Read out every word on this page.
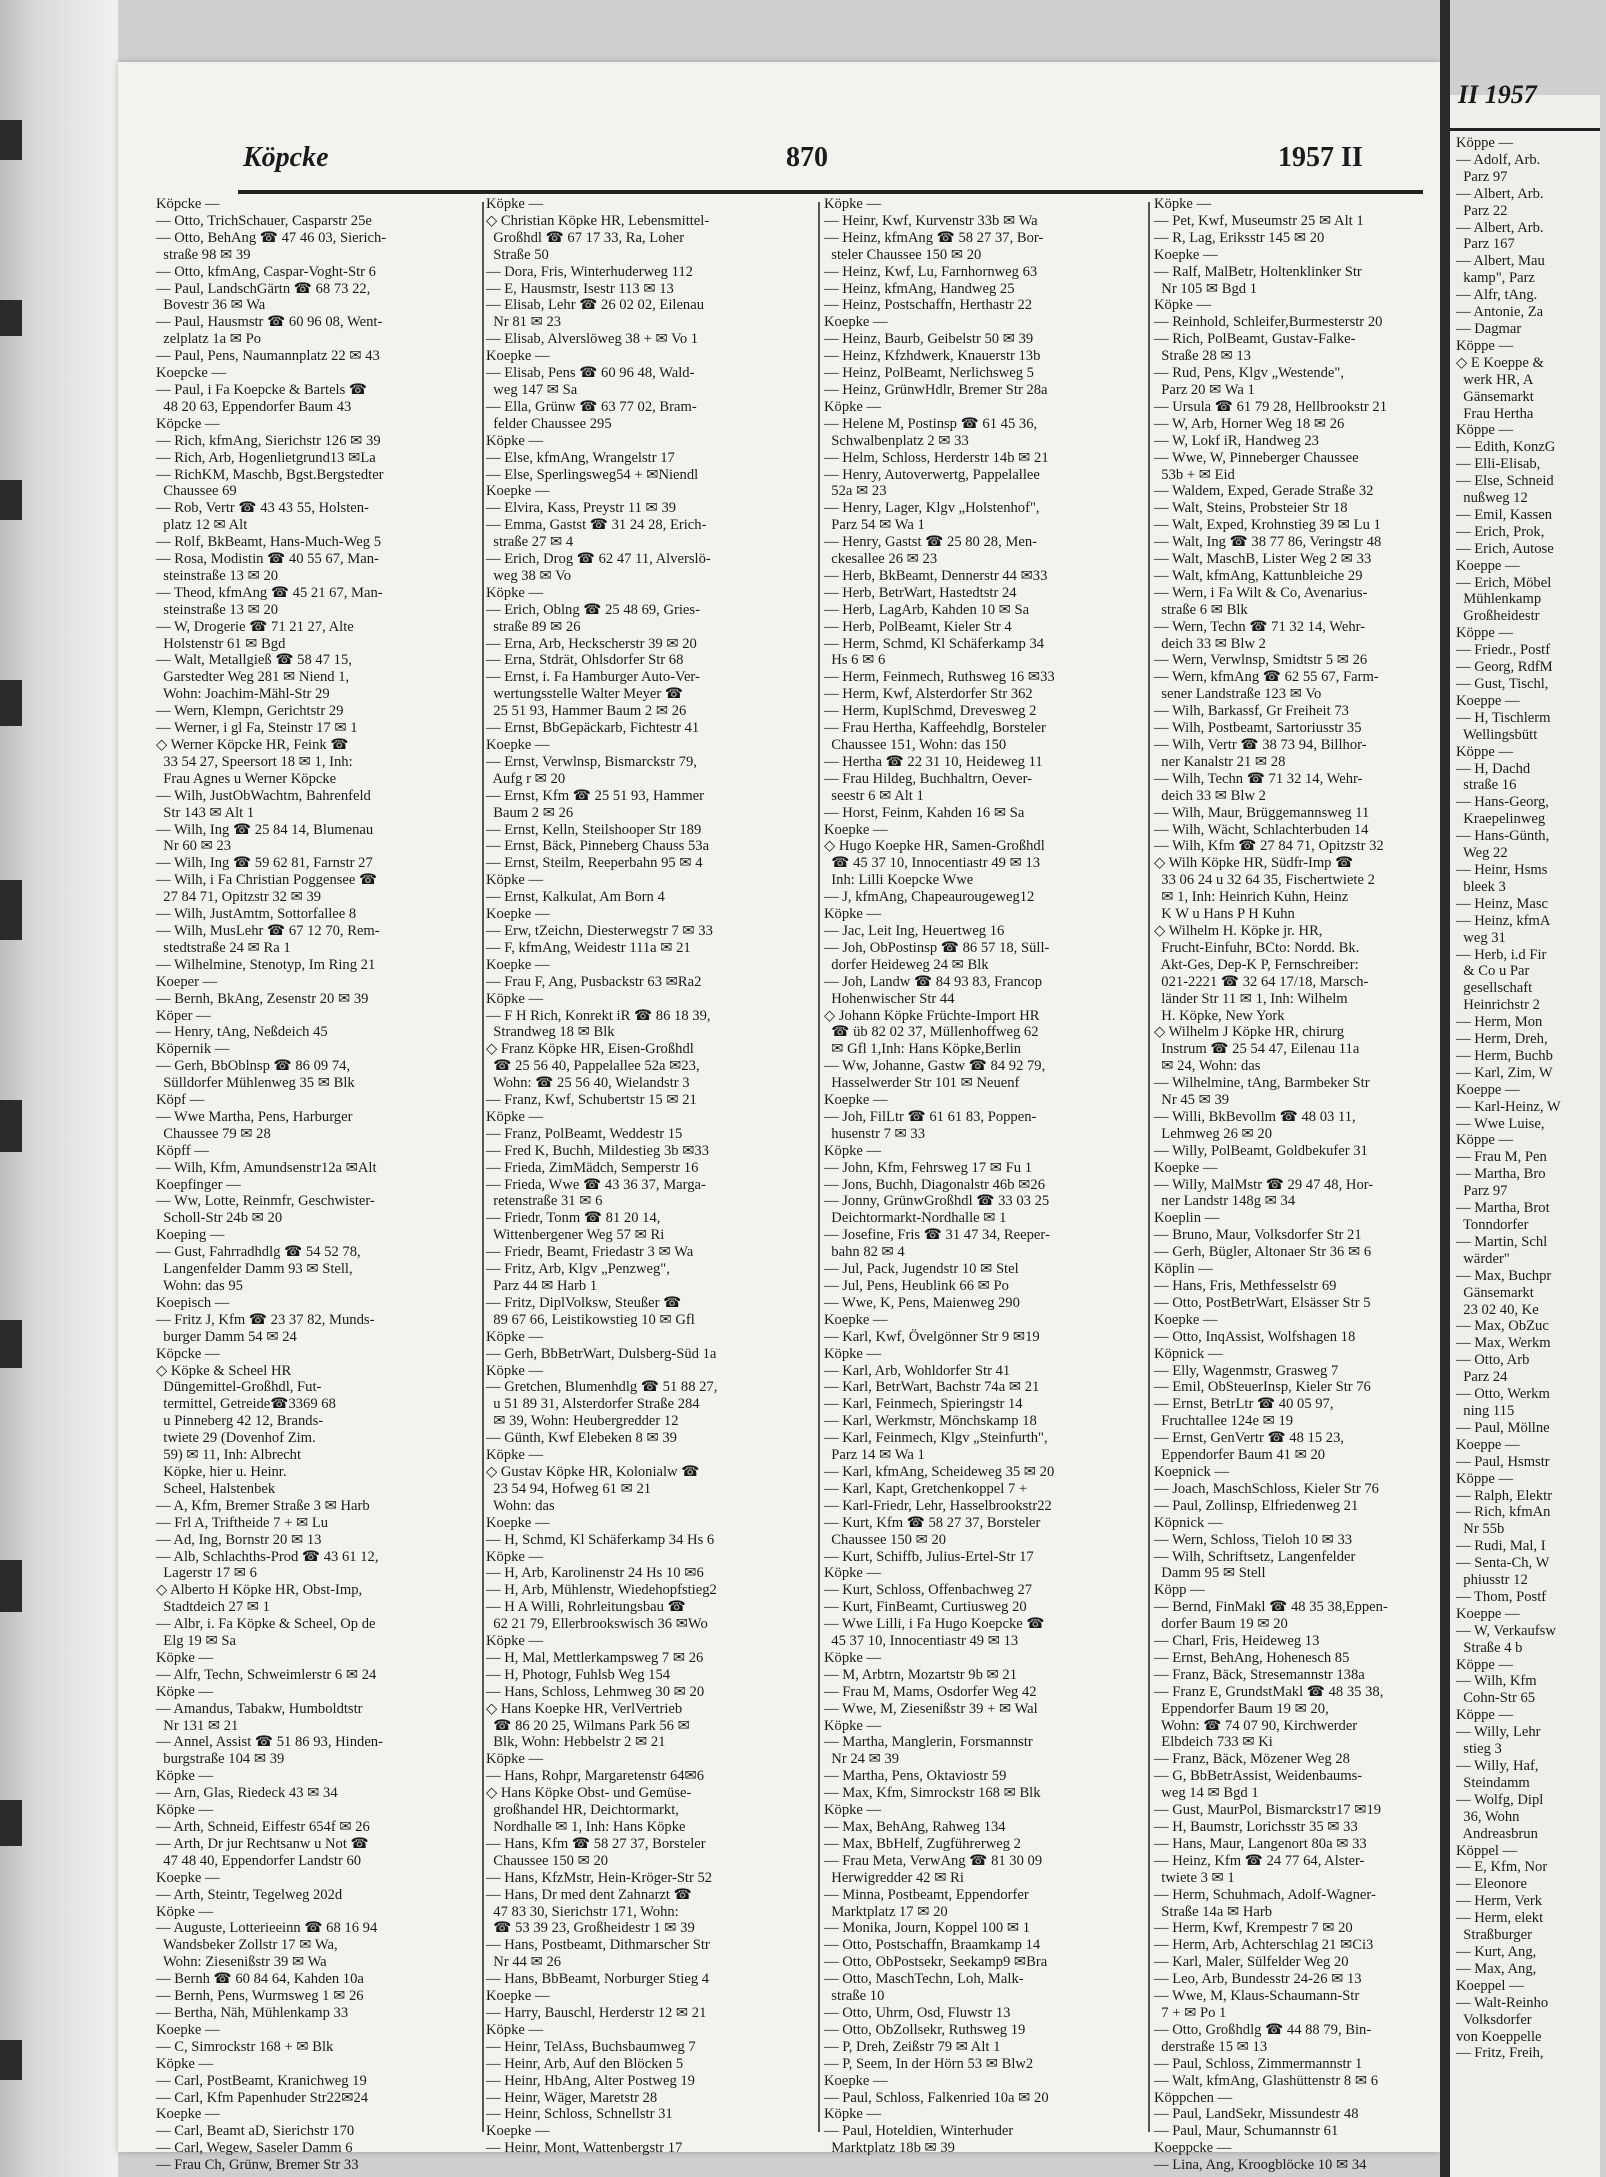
Köpcke	870	1957 II
Köpcke —
— Otto, TrichSchauer, Casparstr 25e
— Otto, BehAng ☎ 47 46 03, Sierich-
straße 98 ✉ 39
— Otto, kfmAng, Caspar-Voght-Str 6
— Paul, LandschGärtn ☎ 68 73 22,
Bovestr 36 ✉ Wa
— Paul, Hausmstr ☎ 60 96 08, Went-
zelplatz 1a ✉ Po
— Paul, Pens, Naumannplatz 22 ✉ 43
Koepcke —
— Paul, i Fa Koepcke & Bartels ☎
48 20 63, Eppendorfer Baum 43
Köpcke —
— Rich, kfmAng, Sierichstr 126 ✉ 39
— Rich, Arb, Hogenlietgrund13 ✉La
— RichKM, Maschb, Bgst.Bergstedter
Chaussee 69
— Rob, Vertr ☎ 43 43 55, Holsten-
platz 12 ✉ Alt
— Rolf, BkBeamt, Hans-Much-Weg 5
— Rosa, Modistin ☎ 40 55 67, Man-
steinstraße 13 ✉ 20
— Theod, kfmAng ☎ 45 21 67, Man-
steinstraße 13 ✉ 20
— W, Drogerie ☎ 71 21 27, Alte
Holstenstr 61 ✉ Bgd
— Walt, Metallgieß ☎ 58 47 15,
Garstedter Weg 281 ✉ Niend 1,
Wohn: Joachim-Mähl-Str 29
— Wern, Klempn, Gerichtstr 29
— Werner, i gl Fa, Steinstr 17 ✉ 1
◇ Werner Köpcke HR, Feink ☎
33 54 27, Speersort 18 ✉ 1, Inh:
Frau Agnes u Werner Köpcke
— Wilh, JustObWachtm, Bahrenfeld
Str 143 ✉ Alt 1
— Wilh, Ing ☎ 25 84 14, Blumenau
Nr 60 ✉ 23
— Wilh, Ing ☎ 59 62 81, Farnstr 27
— Wilh, i Fa Christian Poggensee ☎
27 84 71, Opitzstr 32 ✉ 39
— Wilh, JustAmtm, Sottorfallee 8
— Wilh, MusLehr ☎ 67 12 70, Rem-
stedtstraße 24 ✉ Ra 1
— Wilhelmine, Stenotyp, Im Ring 21
Koeper —
— Bernh, BkAng, Zesenstr 20 ✉ 39
Köper —
— Henry, tAng, Neßdeich 45
Köpernik —
— Gerh, BbOblnsp ☎ 86 09 74,
Sülldorfer Mühlenweg 35 ✉ Blk
Köpf —
— Wwe Martha, Pens, Harburger
Chaussee 79 ✉ 28
Köpff —
— Wilh, Kfm, Amundsenstr12a ✉Alt
Koepfinger —
— Ww, Lotte, Reinmfr, Geschwister-
Scholl-Str 24b ✉ 20
Koeping —
— Gust, Fahrradhdlg ☎ 54 52 78,
Langenfelder Damm 93 ✉ Stell,
Wohn: das 95
Koepisch —
— Fritz J, Kfm ☎ 23 37 82, Munds-
burger Damm 54 ✉ 24
Köpcke —
◇ Köpke & Scheel HR
Düngemittel-Großhdl, Fut-
termittel, Getreide☎3369 68
u Pinneberg 42 12, Brands-
twiete 29 (Dovenhof Zim.
59) ✉ 11, Inh: Albrecht
Köpke, hier u. Heinr.
Scheel, Halstenbek
— A, Kfm, Bremer Straße 3 ✉ Harb
— Frl A, Triftheide 7 + ✉ Lu
— Ad, Ing, Bornstr 20 ✉ 13
— Alb, Schlachths-Prod ☎ 43 61 12,
Lagerstr 17 ✉ 6
◇ Alberto H Köpke HR, Obst-Imp,
Stadtdeich 27 ✉ 1
— Albr, i. Fa Köpke & Scheel, Op de
Elg 19 ✉ Sa
Köpke —
— Alfr, Techn, Schweimlerstr 6 ✉ 24
Köpke —
— Amandus, Tabakw, Humboldtstr
Nr 131 ✉ 21
— Annel, Assist ☎ 51 86 93, Hinden-
burgstraße 104 ✉ 39
Köpke —
— Arn, Glas, Riedeck 43 ✉ 34
Köpke —
— Arth, Schneid, Eiffestr 654f ✉ 26
— Arth, Dr jur Rechtsanw u Not ☎
47 48 40, Eppendorfer Landstr 60
Koepke —
— Arth, Steintr, Tegelweg 202d
Köpke —
— Auguste, Lotterieeinn ☎ 68 16 94
Wandsbeker Zollstr 17 ✉ Wa,
Wohn: Ziesenißstr 39 ✉ Wa
— Bernh ☎ 60 84 64, Kahden 10a
— Bernh, Pens, Wurmsweg 1 ✉ 26
— Bertha, Näh, Mühlenkamp 33
Koepke —
— C, Simrockstr 168 + ✉ Blk
Köpke —
— Carl, PostBeamt, Kranichweg 19
— Carl, Kfm Papenhuder Str22✉24
Koepke —
— Carl, Beamt aD, Sierichstr 170
— Carl, Wegew, Saseler Damm 6
— Frau Ch, Grünw, Bremer Str 33
Köpke —
◇ Christian Köpke HR, Lebensmittel-
Großhdl ☎ 67 17 33, Ra, Loher
Straße 50
— Dora, Fris, Winterhuderweg 112
— E, Hausmstr, Isestr 113 ✉ 13
— Elisab, Lehr ☎ 26 02 02, Eilenau
Nr 81 ✉ 23
— Elisab, Alverslöweg 38 + ✉ Vo 1
Koepke —
— Elisab, Pens ☎ 60 96 48, Wald-
weg 147 ✉ Sa
— Ella, Grünw ☎ 63 77 02, Bram-
felder Chaussee 295
Köpke —
— Else, kfmAng, Wrangelstr 17
— Else, Sperlingsweg54 + ✉Niendl
Koepke —
— Elvira, Kass, Preystr 11 ✉ 39
— Emma, Gastst ☎ 31 24 28, Erich-
straße 27 ✉ 4
— Erich, Drog ☎ 62 47 11, Alverslö-
weg 38 ✉ Vo
Köpke —
— Erich, Oblng ☎ 25 48 69, Gries-
straße 89 ✉ 26
— Erna, Arb, Heckscherstr 39 ✉ 20
— Erna, Stdrät, Ohlsdorfer Str 68
— Ernst, i. Fa Hamburger Auto-Ver-
wertungsstelle Walter Meyer ☎
25 51 93, Hammer Baum 2 ✉ 26
— Ernst, BbGepäckarb, Fichtestr 41
Koepke —
— Ernst, Verwlnsp, Bismarckstr 79,
Aufg r ✉ 20
— Ernst, Kfm ☎ 25 51 93, Hammer
Baum 2 ✉ 26
— Ernst, Kelln, Steilshooper Str 189
— Ernst, Bäck, Pinneberg Chauss 53a
— Ernst, Steilm, Reeperbahn 95 ✉ 4
Köpke —
— Ernst, Kalkulat, Am Born 4
Koepke —
— Erw, tZeichn, Diesterwegstr 7 ✉ 33
— F, kfmAng, Weidestr 111a ✉ 21
Koepke —
— Frau F, Ang, Pusbackstr 63 ✉Ra2
Köpke —
— F H Rich, Konrekt iR ☎ 86 18 39,
Strandweg 18 ✉ Blk
◇ Franz Köpke HR, Eisen-Großhdl
☎ 25 56 40, Pappelallee 52a ✉23,
Wohn: ☎ 25 56 40, Wielandstr 3
— Franz, Kwf, Schubertstr 15 ✉ 21
Köpke —
— Franz, PolBeamt, Weddestr 15
— Fred K, Buchh, Mildestieg 3b ✉33
— Frieda, ZimMädch, Semperstr 16
— Frieda, Wwe ☎ 43 36 37, Marga-
retenstraße 31 ✉ 6
— Friedr, Tonm ☎ 81 20 14,
Wittenbergener Weg 57 ✉ Ri
— Friedr, Beamt, Friedastr 3 ✉ Wa
— Fritz, Arb, Klgv „Penzweg",
Parz 44 ✉ Harb 1
— Fritz, DiplVolksw, Steußer ☎
89 67 66, Leistikowstieg 10 ✉ Gfl
Köpke —
— Gerh, BbBetrWart, Dulsberg-Süd 1a
Köpke —
— Gretchen, Blumenhdlg ☎ 51 88 27,
u 51 89 31, Alsterdorfer Straße 284
✉ 39, Wohn: Heubergredder 12
— Günth, Kwf Elebeken 8 ✉ 39
Köpke —
◇ Gustav Köpke HR, Kolonialw ☎
23 54 94, Hofweg 61 ✉ 21
Wohn: das
Koepke —
— H, Schmd, Kl Schäferkamp 34 Hs 6
Köpke —
— H, Arb, Karolinenstr 24 Hs 10 ✉6
— H, Arb, Mühlenstr, Wiedehopfstieg2
— H A Willi, Rohrleitungsbau ☎
62 21 79, Ellerbrookswisch 36 ✉Wo
Köpke —
— H, Mal, Mettlerkampsweg 7 ✉ 26
— H, Photogr, Fuhlsb Weg 154
— Hans, Schloss, Lehmweg 30 ✉ 20
◇ Hans Koepke HR, VerlVertrieb
☎ 86 20 25, Wilmans Park 56 ✉
Blk, Wohn: Hebbelstr 2 ✉ 21
Köpke —
— Hans, Rohpr, Margaretenstr 64✉6
◇ Hans Köpke Obst- und Gemüse-
großhandel HR, Deichtormarkt,
Nordhalle ✉ 1, Inh: Hans Köpke
— Hans, Kfm ☎ 58 27 37, Borsteler
Chaussee 150 ✉ 20
— Hans, KfzMstr, Hein-Kröger-Str 52
— Hans, Dr med dent Zahnarzt ☎
47 83 30, Sierichstr 171, Wohn:
☎ 53 39 23, Großheidestr 1 ✉ 39
— Hans, Postbeamt, Dithmarscher Str
Nr 44 ✉ 26
— Hans, BbBeamt, Norburger Stieg 4
Koepke —
— Harry, Bauschl, Herderstr 12 ✉ 21
Köpke —
— Heinr, TelAss, Buchsbaumweg 7
— Heinr, Arb, Auf den Blöcken 5
— Heinr, HbAng, Alter Postweg 19
— Heinr, Wäger, Maretstr 28
— Heinr, Schloss, Schnellstr 31
Koepke —
— Heinr, Mont, Wattenbergstr 17
Köpke —
— Heinr, Kwf, Kurvenstr 33b ✉ Wa
— Heinz, kfmAng ☎ 58 27 37, Bor-
steler Chaussee 150 ✉ 20
— Heinz, Kwf, Lu, Farnhornweg 63
— Heinz, kfmAng, Handweg 25
— Heinz, Postschaffn, Herthastr 22
Koepke —
— Heinz, Baurb, Geibelstr 50 ✉ 39
— Heinz, Kfzhdwerk, Knauerstr 13b
— Heinz, PolBeamt, Nerlichsweg 5
— Heinz, GrünwHdlr, Bremer Str 28a
Köpke —
— Helene M, Postinsp ☎ 61 45 36,
Schwalbenplatz 2 ✉ 33
— Helm, Schloss, Herderstr 14b ✉ 21
— Henry, Autoverwertg, Pappelallee
52a ✉ 23
— Henry, Lager, Klgv „Holstenhof",
Parz 54 ✉ Wa 1
— Henry, Gastst ☎ 25 80 28, Men-
ckesallee 26 ✉ 23
— Herb, BkBeamt, Dennerstr 44 ✉33
— Herb, BetrWart, Hastedtstr 24
— Herb, LagArb, Kahden 10 ✉ Sa
— Herb, PolBeamt, Kieler Str 4
— Herm, Schmd, Kl Schäferkamp 34
Hs 6 ✉ 6
— Herm, Feinmech, Ruthsweg 16 ✉33
— Herm, Kwf, Alsterdorfer Str 362
— Herm, KuplSchmd, Drevesweg 2
— Frau Hertha, Kaffeehdlg, Borsteler
Chaussee 151, Wohn: das 150
— Hertha ☎ 22 31 10, Heideweg 11
— Frau Hildeg, Buchhaltrn, Oever-
seestr 6 ✉ Alt 1
— Horst, Feinm, Kahden 16 ✉ Sa
Koepke —
◇ Hugo Koepke HR, Samen-Großhdl
☎ 45 37 10, Innocentiastr 49 ✉ 13
Inh: Lilli Koepcke Wwe
— J, kfmAng, Chapeaurougeweg12
Köpke —
— Jac, Leit Ing, Heuertweg 16
— Joh, ObPostinsp ☎ 86 57 18, Süll-
dorfer Heideweg 24 ✉ Blk
— Joh, Landw ☎ 84 93 83, Francop
Hohenwischer Str 44
◇ Johann Köpke Früchte-Import HR
☎ üb 82 02 37, Müllenhoffweg 62
✉ Gfl 1,Inh: Hans Köpke,Berlin
— Ww, Johanne, Gastw ☎ 84 92 79,
Hasselwerder Str 101 ✉ Neuenf
Koepke —
— Joh, FilLtr ☎ 61 61 83, Poppen-
husenstr 7 ✉ 33
Köpke —
— John, Kfm, Fehrsweg 17 ✉ Fu 1
— Jons, Buchh, Diagonalstr 46b ✉26
— Jonny, GrünwGroßhdl ☎ 33 03 25
Deichtormarkt-Nordhalle ✉ 1
— Josefine, Fris ☎ 31 47 34, Reeper-
bahn 82 ✉ 4
— Jul, Pack, Jugendstr 10 ✉ Stel
— Jul, Pens, Heublink 66 ✉ Po
— Wwe, K, Pens, Maienweg 290
Koepke —
— Karl, Kwf, Övelgönner Str 9 ✉19
Köpke —
— Karl, Arb, Wohldorfer Str 41
— Karl, BetrWart, Bachstr 74a ✉ 21
— Karl, Feinmech, Spieringstr 14
— Karl, Werkmstr, Mönchskamp 18
— Karl, Feinmech, Klgv „Steinfurth",
Parz 14 ✉ Wa 1
— Karl, kfmAng, Scheideweg 35 ✉ 20
— Karl, Kapt, Gretchenkoppel 7 +
— Karl-Friedr, Lehr, Hasselbrookstr22
— Kurt, Kfm ☎ 58 27 37, Borsteler
Chaussee 150 ✉ 20
— Kurt, Schiffb, Julius-Ertel-Str 17
Köpke —
— Kurt, Schloss, Offenbachweg 27
— Kurt, FinBeamt, Curtiusweg 20
— Wwe Lilli, i Fa Hugo Koepcke ☎
45 37 10, Innocentiastr 49 ✉ 13
Köpke —
— M, Arbtrn, Mozartstr 9b ✉ 21
— Frau M, Mams, Osdorfer Weg 42
— Wwe, M, Ziesenißstr 39 + ✉ Wal
Köpke —
— Martha, Manglerin, Forsmannstr
Nr 24 ✉ 39
— Martha, Pens, Oktaviostr 59
— Max, Kfm, Simrockstr 168 ✉ Blk
Köpke —
— Max, BehAng, Rahweg 134
— Max, BbHelf, Zugführerweg 2
— Frau Meta, VerwAng ☎ 81 30 09
Herwigredder 42 ✉ Ri
— Minna, Postbeamt, Eppendorfer
Marktplatz 17 ✉ 20
— Monika, Journ, Koppel 100 ✉ 1
— Otto, Postschaffn, Braamkamp 14
— Otto, ObPostsekr, Seekamp9 ✉Bra
— Otto, MaschTechn, Loh, Malk-
straße 10
— Otto, Uhrm, Osd, Fluwstr 13
— Otto, ObZollsekr, Ruthsweg 19
— P, Dreh, Zeißstr 79 ✉ Alt 1
— P, Seem, In der Hörn 53 ✉ Blw2
Koepke —
— Paul, Schloss, Falkenried 10a ✉ 20
Köpke —
— Paul, Hoteldien, Winterhuder
Marktplatz 18b ✉ 39
Köpke —
— Pet, Kwf, Museumstr 25 ✉ Alt 1
— R, Lag, Eriksstr 145 ✉ 20
Koepke —
— Ralf, MalBetr, Holtenklinker Str
Nr 105 ✉ Bgd 1
Köpke —
— Reinhold, Schleifer,Burmesterstr 20
— Rich, PolBeamt, Gustav-Falke-
Straße 28 ✉ 13
— Rud, Pens, Klgv „Westende",
Parz 20 ✉ Wa 1
— Ursula ☎ 61 79 28, Hellbrookstr 21
— W, Arb, Horner Weg 18 ✉ 26
— W, Lokf iR, Handweg 23
— Wwe, W, Pinneberger Chaussee
53b + ✉ Eid
— Waldem, Exped, Gerade Straße 32
— Walt, Steins, Probsteier Str 18
— Walt, Exped, Krohnstieg 39 ✉ Lu 1
— Walt, Ing ☎ 38 77 86, Veringstr 48
— Walt, MaschB, Lister Weg 2 ✉ 33
— Walt, kfmAng, Kattunbleiche 29
— Wern, i Fa Wilt & Co, Avenarius-
straße 6 ✉ Blk
— Wern, Techn ☎ 71 32 14, Wehr-
deich 33 ✉ Blw 2
— Wern, Verwlnsp, Smidtstr 5 ✉ 26
— Wern, kfmAng ☎ 62 55 67, Farm-
sener Landstraße 123 ✉ Vo
— Wilh, Barkassf, Gr Freiheit 73
— Wilh, Postbeamt, Sartoriusstr 35
— Wilh, Vertr ☎ 38 73 94, Billhor-
ner Kanalstr 21 ✉ 28
— Wilh, Techn ☎ 71 32 14, Wehr-
deich 33 ✉ Blw 2
— Wilh, Maur, Brüggemannsweg 11
— Wilh, Wächt, Schlachterbuden 14
— Wilh, Kfm ☎ 27 84 71, Opitzstr 32
◇ Wilh Köpke HR, Südfr-Imp ☎
33 06 24 u 32 64 35, Fischertwiete 2
✉ 1, Inh: Heinrich Kuhn, Heinz
K W u Hans P H Kuhn
◇ Wilhelm H. Köpke jr. HR,
Frucht-Einfuhr, BCto: Nordd. Bk.
Akt-Ges, Dep-K P, Fernschreiber:
021-2221 ☎ 32 64 17/18, Marsch-
länder Str 11 ✉ 1, Inh: Wilhelm
H. Köpke, New York
◇ Wilhelm J Köpke HR, chirurg
Instrum ☎ 25 54 47, Eilenau 11a
✉ 24, Wohn: das
— Wilhelmine, tAng, Barmbeker Str
Nr 45 ✉ 39
— Willi, BkBevollm ☎ 48 03 11,
Lehmweg 26 ✉ 20
— Willy, PolBeamt, Goldbekufer 31
Koepke —
— Willy, MalMstr ☎ 29 47 48, Hor-
ner Landstr 148g ✉ 34
Koeplin —
— Bruno, Maur, Volksdorfer Str 21
— Gerh, Bügler, Altonaer Str 36 ✉ 6
Köplin —
— Hans, Fris, Methfesselstr 69
— Otto, PostBetrWart, Elsässer Str 5
Koepke —
— Otto, InqAssist, Wolfshagen 18
Köpnick —
— Elly, Wagenmstr, Grasweg 7
— Emil, ObSteuerInsp, Kieler Str 76
— Ernst, BetrLtr ☎ 40 05 97,
Fruchtallee 124e ✉ 19
— Ernst, GenVertr ☎ 48 15 23,
Eppendorfer Baum 41 ✉ 20
Koepnick —
— Joach, MaschSchloss, Kieler Str 76
— Paul, Zollinsp, Elfriedenweg 21
Köpnick —
— Wern, Schloss, Tieloh 10 ✉ 33
— Wilh, Schriftsetz, Langenfelder
Damm 95 ✉ Stell
Köpp —
— Bernd, FinMakl ☎ 48 35 38,Eppen-
dorfer Baum 19 ✉ 20
— Charl, Fris, Heideweg 13
— Ernst, BehAng, Hohenesch 85
— Franz, Bäck, Stresemannstr 138a
— Franz E, GrundstMakl ☎ 48 35 38,
Eppendorfer Baum 19 ✉ 20,
Wohn: ☎ 74 07 90, Kirchwerder
Elbdeich 733 ✉ Ki
— Franz, Bäck, Mözener Weg 28
— G, BbBetrAssist, Weidenbaums-
weg 14 ✉ Bgd 1
— Gust, MaurPol, Bismarckstr17 ✉19
— H, Baumstr, Lorichsstr 35 ✉ 33
— Hans, Maur, Langenort 80a ✉ 33
— Heinz, Kfm ☎ 24 77 64, Alster-
twiete 3 ✉ 1
— Herm, Schuhmach, Adolf-Wagner-
Straße 14a ✉ Harb
— Herm, Kwf, Krempestr 7 ✉ 20
— Herm, Arb, Achterschlag 21 ✉Ci3
— Karl, Maler, Sülfelder Weg 20
— Leo, Arb, Bundesstr 24-26 ✉ 13
— Wwe, M, Klaus-Schaumann-Str
7 + ✉ Po 1
— Otto, Großhdlg ☎ 44 88 79, Bin-
derstraße 15 ✉ 13
— Paul, Schloss, Zimmermannstr 1
— Walt, kfmAng, Glashüttenstr 8 ✉ 6
Köppchen —
— Paul, LandSekr, Missundestr 48
— Paul, Maur, Schumannstr 61
Koeppcke —
— Lina, Ang, Kroogblöcke 10 ✉ 34
II 1957
Köppe —
— Adolf, Arb.
Parz 97
— Albert, Arb.
Parz 22
— Albert, Arb.
Parz 167
— Albert, Mau
kamp", Parz
— Alfr, tAng.
— Antonie, Za
— Dagmar
Köppe —
◇ E Koeppe &
werk HR, A
Gänsemarkt
Frau Hertha
Köppe —
— Edith, KonzG
— Elli-Elisab,
— Else, Schneid
nußweg 12
— Emil, Kassen
— Erich, Prok,
— Erich, Autose
Koeppe —
— Erich, Möbel
Mühlenkamp
Großheidestr
Köppe —
— Friedr., Postf
— Georg, RdfM
— Gust, Tischl,
Koeppe —
— H, Tischlerm
Wellingsbütt
Köppe —
— H, Dachd
straße 16
— Hans-Georg,
Kraepelinweg
— Hans-Günth,
Weg 22
— Heinr, Hsms
bleek 3
— Heinz, Masc
— Heinz, kfmA
weg 31
— Herb, i.d Fir
& Co u Par
gesellschaft
Heinrichstr 2
— Herm, Mon
— Herm, Dreh,
— Herm, Buchb
— Karl, Zim, W
Koeppe —
— Karl-Heinz, W
— Wwe Luise,
Köppe —
— Frau M, Pen
— Martha, Bro
Parz 97
— Martha, Brot
Tonndorfer
— Martin, Schl
wärder"
— Max, Buchpr
Gänsemarkt
23 02 40, Ke
— Max, ObZuc
— Max, Werkm
— Otto, Arb
Parz 24
— Otto, Werkm
ning 115
— Paul, Möllne
Koeppe —
— Paul, Hsmstr
Köppe —
— Ralph, Elektr
— Rich, kfmAn
Nr 55b
— Rudi, Mal, I
— Senta-Ch, W
phiusstr 12
— Thom, Postf
Koeppe —
— W, Verkaufsw
Straße 4 b
Köppe —
— Wilh, Kfm
Cohn-Str 65
Köppe —
— Willy, Lehr
stieg 3
— Willy, Haf,
Steindamm
— Wolfg, Dipl
36, Wohn
Andreasbrun
Köppel —
— E, Kfm, Nor
— Eleonore
— Herm, Verk
— Herm, elekt
Straßburger
— Kurt, Ang,
— Max, Ang,
Koeppel —
— Walt-Reinho
Volksdorfer
von Koeppelle
— Fritz, Freih,
